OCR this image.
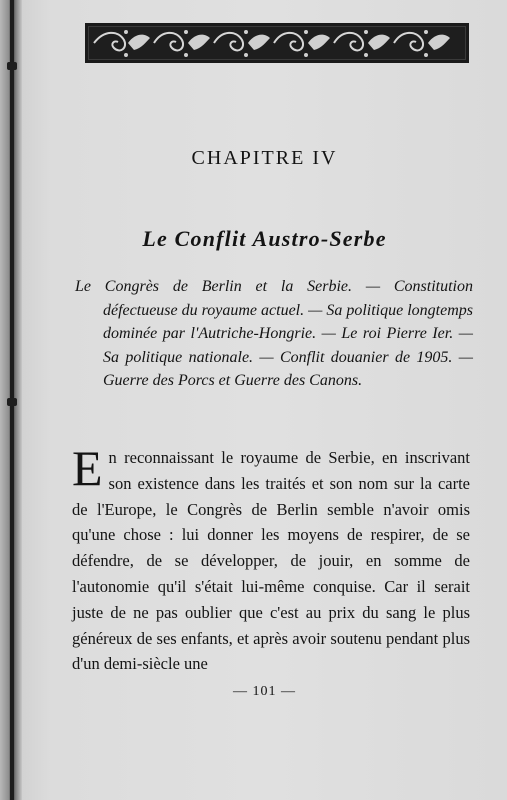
CHAPITRE IV
Le Conflit Austro-Serbe
Le Congrès de Berlin et la Serbie. — Constitution défectueuse du royaume actuel. — Sa politique longtemps dominée par l'Autriche-Hongrie. — Le roi Pierre Ier. — Sa politique nationale. — Conflit douanier de 1905. — Guerre des Porcs et Guerre des Canons.
En reconnaissant le royaume de Serbie, en inscrivant son existence dans les traités et son nom sur la carte de l'Europe, le Congrès de Berlin semble n'avoir omis qu'une chose : lui donner les moyens de respirer, de se défendre, de se développer, de jouir, en somme de l'autonomie qu'il s'était lui-même conquise. Car il serait juste de ne pas oublier que c'est au prix du sang le plus généreux de ses enfants, et après avoir soutenu pendant plus d'un demi-siècle une
— 101 —
